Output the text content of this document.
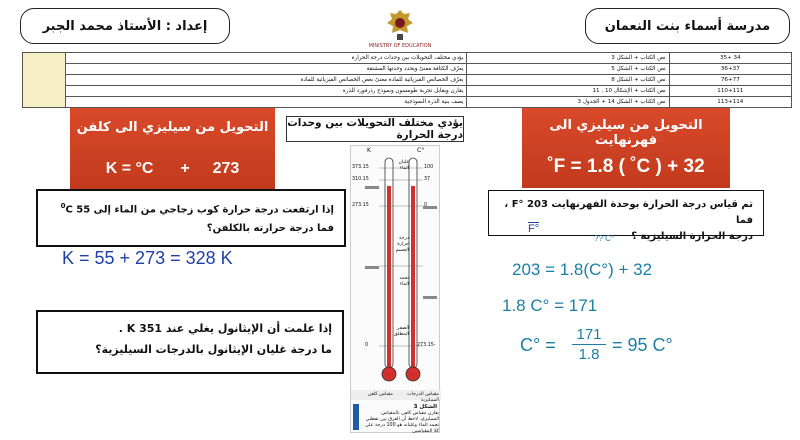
مدرسة أسماء بنت النعمان
MINISTRY OF EDUCATION
إعداد : الأستاذ محمد الجبر
34 +35	نص الكتاب + الشكل 3	يؤدي مختلف التحويلات بين وحدات درجة الحرارة	
36+37	نص الكتاب + الشكل 5	يعرّف الكثافة معنىً ويحدد وحدتها المشتقة	
76+77	نص الكتاب + الشكل 8	يعرّف الخصائص الفيزيائية للمادة معنىً بعض الخصائص الفيزيائية للمادة	
110+111	نص الكتاب + الإشكال 10 , 11	يقارن ويقابل تجربة طومسون ونموذج رذرفورد للذرة	
113+114	نص الكتاب + الشكل 14 + الجدول 3	يصف بنية الذرة النموذجية	
التحويل من سيليزي الى كلفن
K = °C + 273
يؤدي مختلف التحويلات بين وحدات درجة الحرارة
التحويل من سيليزي الى فهرنهايت
˚F = 1.8 ( ˚C ) + 32
K	°C
373.15
310.15
273.15
0
100
37
0
-273.15
غليان الماء
درجة حرارة الجسم
تجمد الماء
الصفر المطلق
مقياس الدرجات السيليزية
مقياس كلفن
الشكل 3
يقارن مقياس كلفن بالمقياس السيليزي. لاحظ أن الفرق بين نقطتي تجمد الماء وغليانه هو 100 درجة على كلا المقياسين
إذا ارتفعت درجة حرارة كوب زجاجي من الماء إلى 55 $^0$C
فما درجة حرارته بالكلفن؟
K = 55 + 273 = 328 K
إذا علمت أن الإيثانول يغلي عند K 351 .
ما درجة غليان الإيثانول بالدرجات السيليزية؟
تم قياس درجة الحرارة بوحدة الفهرنهايت 203 °F ، فما
درجة الحرارة السيليزية ؟
F°
?? C°
203 = 1.8(C°) + 32
1.8 C° = 171
C° =
171
1.8 = 95 C°
